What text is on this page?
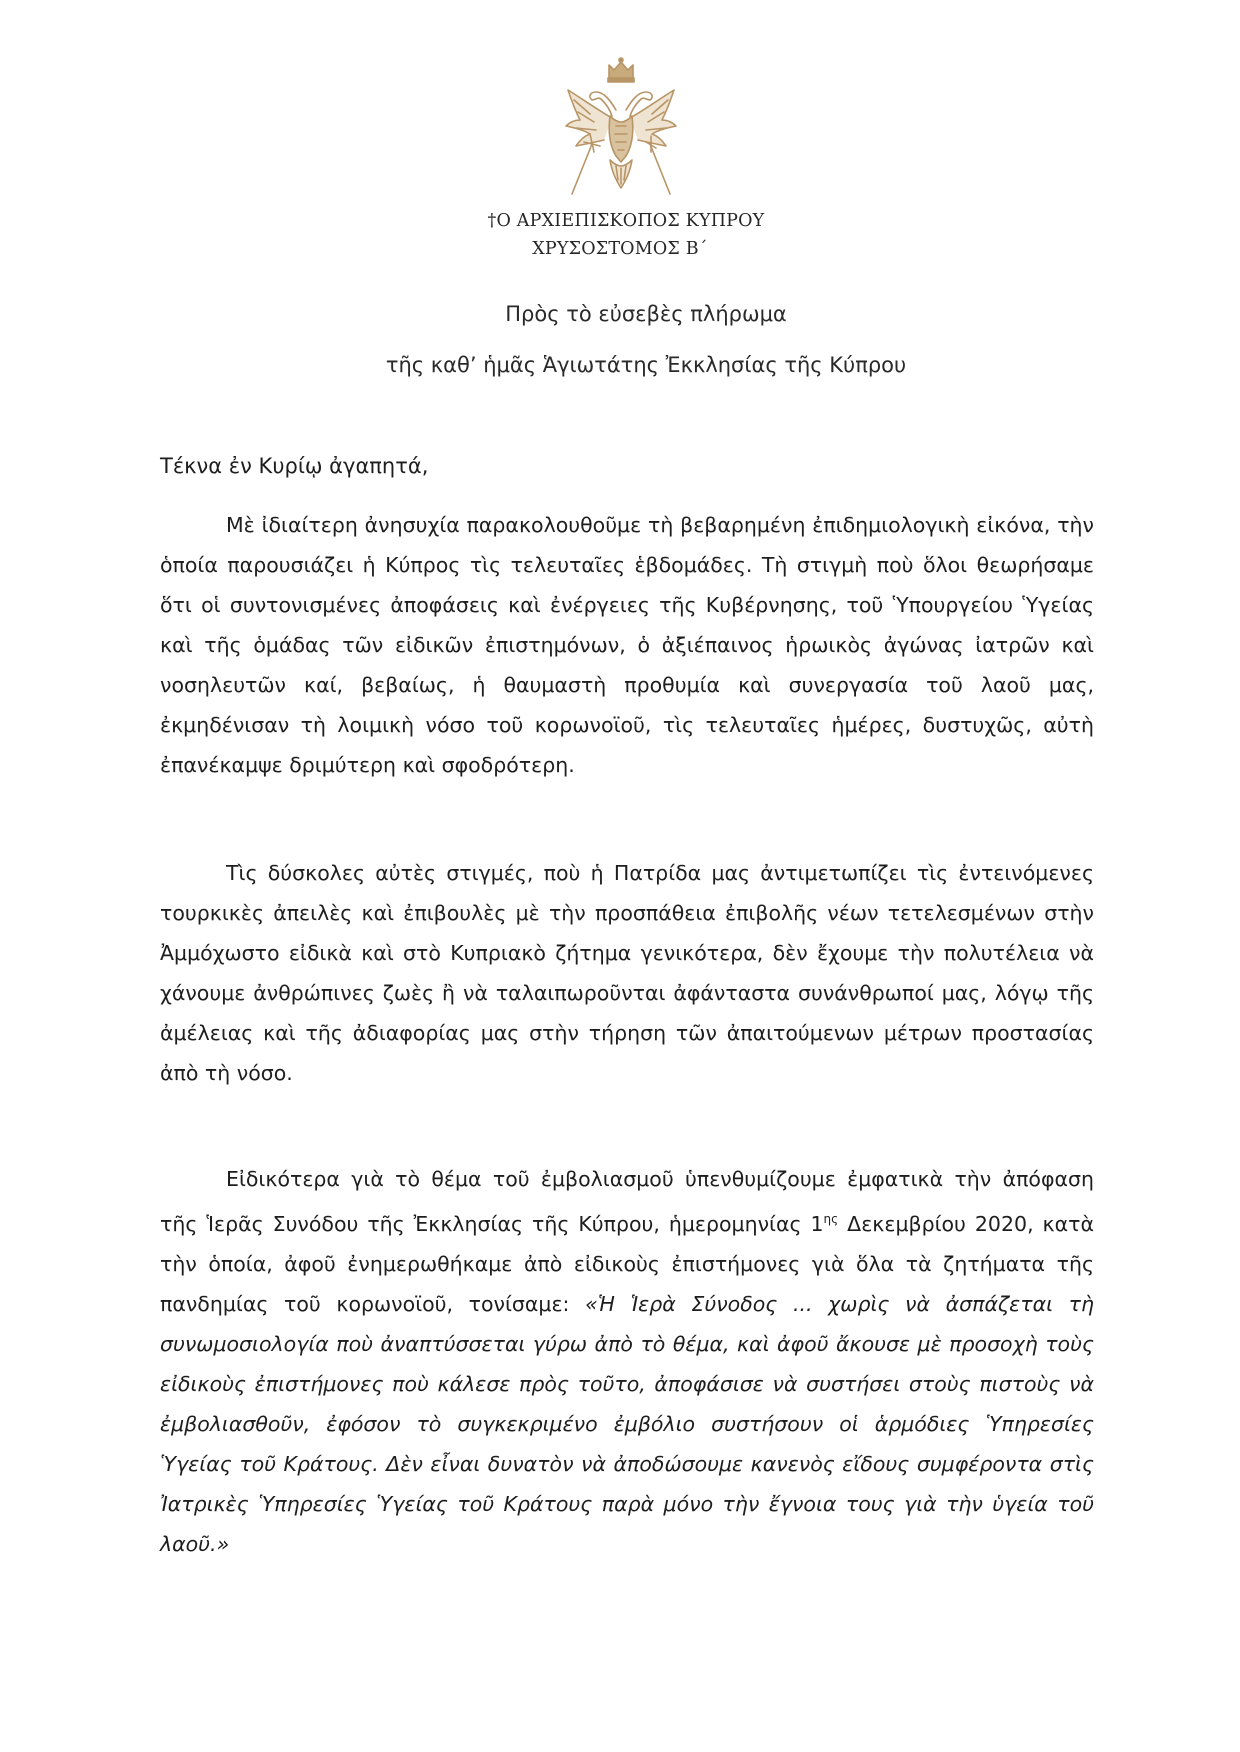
†Ο ΑΡΧΙΕΠΙΣΚΟΠΟΣ ΚΥΠΡΟΥ
ΧΡΥΣΟΣΤΟΜΟΣ Β΄
Πρὸς τὸ εὐσεβὲς πλήρωμα
τῆς καθ’ ἡμᾶς Ἁγιωτάτης Ἐκκλησίας τῆς Κύπρου
Τέκνα ἐν Κυρίῳ ἀγαπητά,

Μὲ ἰδιαίτερη ἀνησυχία παρακολουθοῦμε τὴ βεβαρημένη ἐπιδημιολογικὴ εἰκόνα, τὴν ὁποία παρουσιάζει ἡ Κύπρος τὶς τελευταῖες ἑβδομάδες. Τὴ στιγμὴ ποὺ ὅλοι θεωρήσαμε ὅτι οἱ συντονισμένες ἀποφάσεις καὶ ἐνέργειες τῆς Κυβέρνησης, τοῦ Ὑπουργείου Ὑγείας καὶ τῆς ὁμάδας τῶν εἰδικῶν ἐπιστημόνων, ὁ ἀξιέπαινος ἡρωικὸς ἀγώνας ἰατρῶν καὶ νοσηλευτῶν καί, βεβαίως, ἡ θαυμαστὴ προθυμία καὶ συνεργασία τοῦ λαοῦ μας, ἐκμηδένισαν τὴ λοιμικὴ νόσο τοῦ κορωνοϊοῦ, τὶς τελευταῖες ἡμέρες, δυστυχῶς, αὐτὴ ἐπανέκαμψε δριμύτερη καὶ σφοδρότερη.

Τὶς δύσκολες αὐτὲς στιγμές, ποὺ ἡ Πατρίδα μας ἀντιμετωπίζει τὶς ἐντεινόμενες τουρκικὲς ἀπειλὲς καὶ ἐπιβουλὲς μὲ τὴν προσπάθεια ἐπιβολῆς νέων τετελεσμένων στὴν Ἀμμόχωστο εἰδικὰ καὶ στὸ Κυπριακὸ ζήτημα γενικότερα, δὲν ἔχουμε τὴν πολυτέλεια νὰ χάνουμε ἀνθρώπινες ζωὲς ἢ νὰ ταλαιπωροῦνται ἀφάνταστα συνάνθρωποί μας, λόγῳ τῆς ἀμέλειας καὶ τῆς ἀδιαφορίας μας στὴν τήρηση τῶν ἀπαιτούμενων μέτρων προστασίας ἀπὸ τὴ νόσο.

Εἰδικότερα γιὰ τὸ θέμα τοῦ ἐμβολιασμοῦ ὑπενθυμίζουμε ἐμφατικὰ τὴν ἀπόφαση τῆς Ἱερᾶς Συνόδου τῆς Ἐκκλησίας τῆς Κύπρου, ἡμερομηνίας $1^{\eta\varsigma}$ Δεκεμβρίου 2020, κατὰ τὴν ὁποία, ἀφοῦ ἐνημερωθήκαμε ἀπὸ εἰδικοὺς ἐπιστήμονες γιὰ ὅλα τὰ ζητήματα τῆς πανδημίας τοῦ κορωνοϊοῦ, τονίσαμε: «Ἡ Ἱερὰ Σύνοδος ... χωρὶς νὰ ἀσπάζεται τὴ συνωμοσιολογία ποὺ ἀναπτύσσεται γύρω ἀπὸ τὸ θέμα, καὶ ἀφοῦ ἄκουσε μὲ προσοχὴ τοὺς εἰδικοὺς ἐπιστήμονες ποὺ κάλεσε πρὸς τοῦτο, ἀποφάσισε νὰ συστήσει στοὺς πιστοὺς νὰ ἐμβολιασθοῦν, ἐφόσον τὸ συγκεκριμένο ἐμβόλιο συστήσουν οἱ ἁρμόδιες Ὑπηρεσίες Ὑγείας τοῦ Κράτους. Δὲν εἶναι δυνατὸν νὰ ἀποδώσουμε κανενὸς εἴδους συμφέροντα στὶς Ἰατρικὲς Ὑπηρεσίες Ὑγείας τοῦ Κράτους παρὰ μόνο τὴν ἔγνοια τους γιὰ τὴν ὑγεία τοῦ λαοῦ.»
